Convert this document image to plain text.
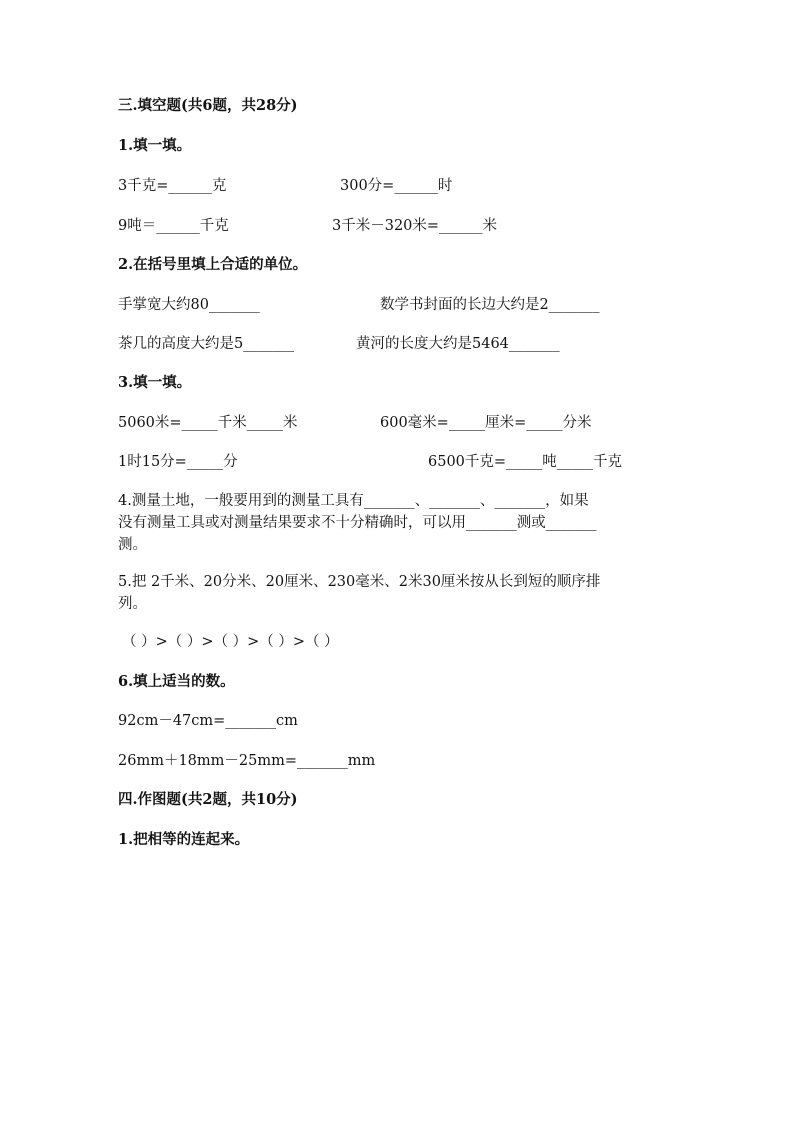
三.填空题(共6题，共28分)
1.填一填。
3千克=______克	300分=______时
9吨＝______千克	3千米－320米=______米
2.在括号里填上合适的单位。
手掌宽大约80_______	数学书封面的长边大约是2_______
茶几的高度大约是5_______	黄河的长度大约是5464_______
3.填一填。
5060米=_____千米_____米	600毫米=_____厘米=_____分米
1时15分=_____分	6500千克=_____吨_____千克
4.测量土地，一般要用到的测量工具有_______、_______、_______，如果
没有测量工具或对测量结果要求不十分精确时，可以用_______测或_______
测。
5.把 2千米、20分米、20厘米、230毫米、2米30厘米按从长到短的顺序排
列。
（ ）>（ ）>（ ）>（ ）>（ ）
6.填上适当的数。
92cm－47cm=_______cm
26mm＋18mm－25mm=_______mm
四.作图题(共2题，共10分)
1.把相等的连起来。
